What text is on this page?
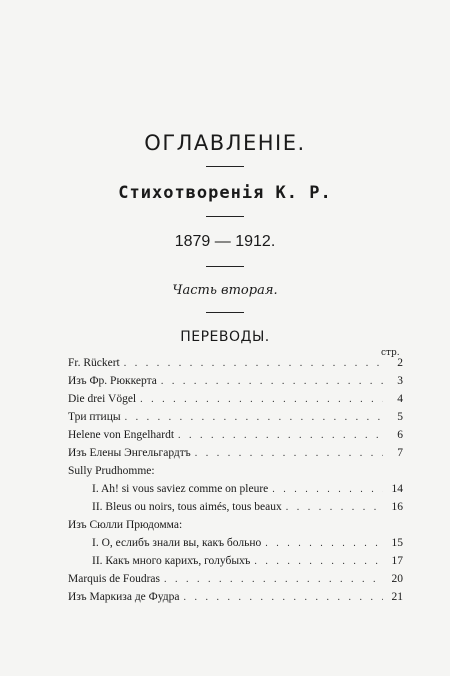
ОГЛАВЛЕНІЕ.
Стихотворенія К. Р.
1879 — 1912.
Часть вторая.
ПЕРЕВОДЫ.
стр.
Fr. Rückert . . .	2
Изъ Фр. Рюккерта . . .	3
Die drei Vögel . . .	4
Три птицы . . .	5
Helene von Engelhardt . . .	6
Изъ Елены Энгельгардтъ . . .	7
Sully Prudhomme:
I. Ah! si vous saviez comme on pleure . . .	14
II. Bleus ou noirs, tous aimés, tous beaux . . .	16
Изъ Сюлли Прюдомма:
I. О, еслибъ знали вы, какъ больно . . .	15
II. Какъ много карихъ, голубыхъ . . .	17
Marquis de Foudras . . .	20
Изъ Маркиза де Фудра . . .	21
